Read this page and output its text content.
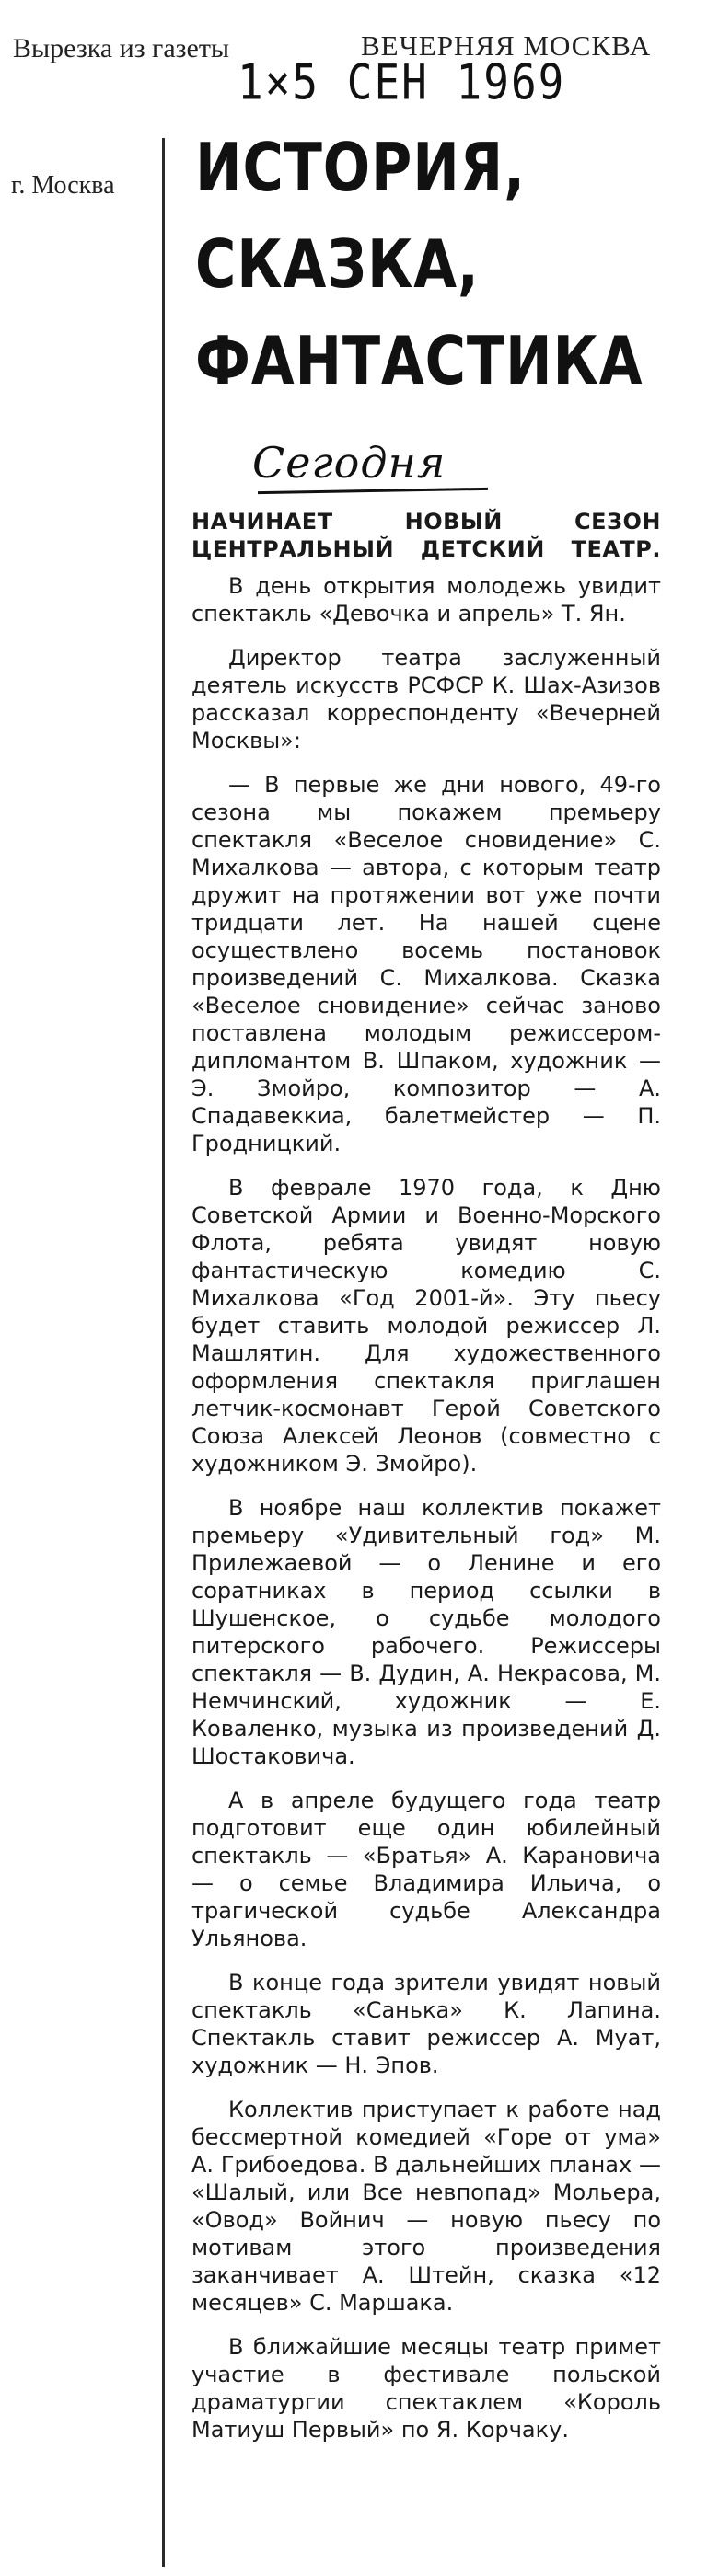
Вырезка из газеты	ВЕЧЕРНЯЯ МОСКВА
1×5 СЕН 1969
г. Москва ИСТОРИЯ,
СКАЗКА,
ФАНТАСТИКА
Сегодня

НАЧИНАЕТ НОВЫЙ СЕЗОН ЦЕНТРАЛЬНЫЙ ДЕТСКИЙ ТЕАТР.

В день открытия молодежь увидит спектакль «Девочка и апрель» Т. Ян.

Директор театра заслуженный деятель искусств РСФСР К. Шах-Азизов рассказал корреспонденту «Вечерней Москвы»:

— В первые же дни нового, 49-го сезона мы покажем премьеру спектакля «Веселое сновидение» С. Михалкова — автора, с которым театр дружит на протяжении вот уже почти тридцати лет. На нашей сцене осуществлено восемь постановок произведений С. Михалкова. Сказка «Веселое сновидение» сейчас заново поставлена молодым режиссером-дипломантом В. Шпаком, художник — Э. Змойро, композитор — А. Спадавеккиа, балетмейстер — П. Гродницкий.

В феврале 1970 года, к Дню Советской Армии и Военно-Морского Флота, ребята увидят новую фантастическую комедию С. Михалкова «Год 2001-й». Эту пьесу будет ставить молодой режиссер Л. Машлятин. Для художественного оформления спектакля приглашен летчик-космонавт Герой Советского Союза Алексей Леонов (совместно с художником Э. Змойро).

В ноябре наш коллектив покажет премьеру «Удивительный год» М. Прилежаевой — о Ленине и его соратниках в период ссылки в Шушенское, о судьбе молодого питерского рабочего. Режиссеры спектакля — В. Дудин, А. Некрасова, М. Немчинский, художник — Е. Коваленко, музыка из произведений Д. Шостаковича.

А в апреле будущего года театр подготовит еще один юбилейный спектакль — «Братья» А. Карановича — о семье Владимира Ильича, о трагической судьбе Александра Ульянова.

В конце года зрители увидят новый спектакль «Санька» К. Лапина. Спектакль ставит режиссер А. Муат, художник — Н. Эпов.

Коллектив приступает к работе над бессмертной комедией «Горе от ума» А. Грибоедова. В дальнейших планах — «Шалый, или Все невпопад» Мольера, «Овод» Войнич — новую пьесу по мотивам этого произведения заканчивает А. Штейн, сказка «12 месяцев» С. Маршака.

В ближайшие месяцы театр примет участие в фестивале польской драматургии спектаклем «Король Матиуш Первый» по Я. Корчаку.
